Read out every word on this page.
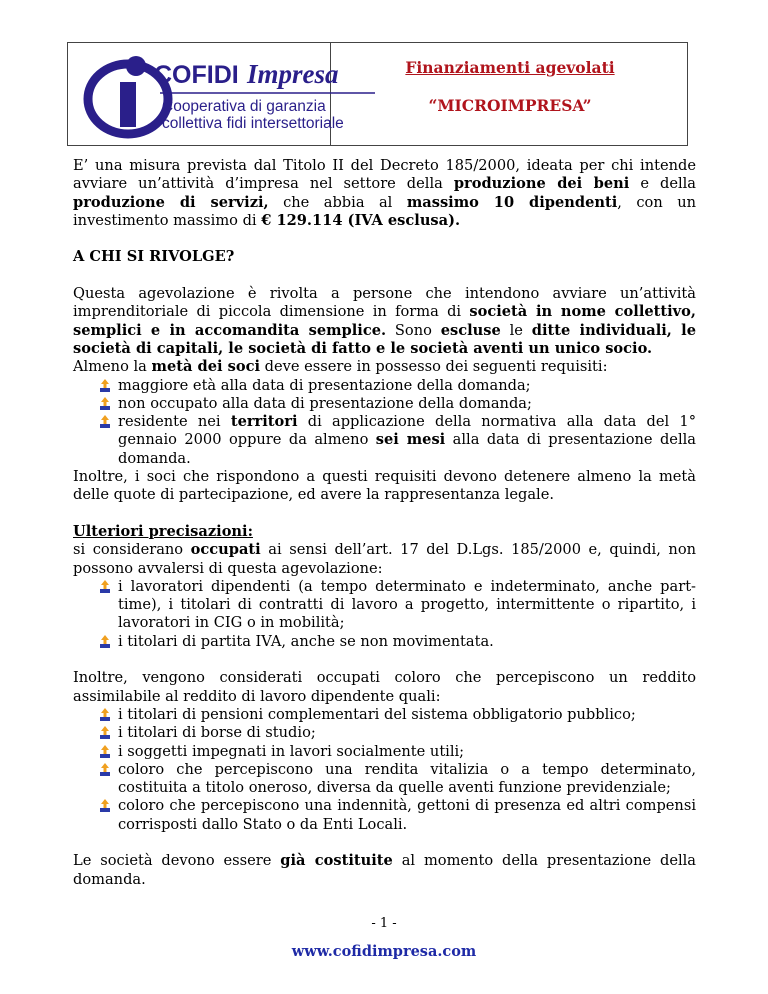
COFIDI Impresa
Cooperativa di garanzia
collettiva fidi intersettoriale
Finanziamenti agevolati
“MICROIMPRESA”

E’ una misura prevista dal Titolo II del Decreto 185/2000, ideata per chi intende avviare un’attività d’impresa nel settore della produzione dei beni e della produzione di servizi, che abbia al massimo 10 dipendenti, con un investimento massimo di € 129.114 (IVA esclusa).

A CHI SI RIVOLGE?

Questa agevolazione è rivolta a persone che intendono avviare un’attività imprenditoriale di piccola dimensione in forma di società in nome collettivo, semplici e in accomandita semplice. Sono escluse le ditte individuali, le società di capitali, le società di fatto e le società aventi un unico socio.

Almeno la metà dei soci deve essere in possesso dei seguenti requisiti:

maggiore età alla data di presentazione della domanda;
non occupato alla data di presentazione della domanda;
residente nei territori di applicazione della normativa alla data del 1° gennaio 2000 oppure da almeno sei mesi alla data di presentazione della domanda.

Inoltre, i soci che rispondono a questi requisiti devono detenere almeno la metà delle quote di partecipazione, ed avere la rappresentanza legale.

Ulteriori precisazioni:

si considerano occupati ai sensi dell’art. 17 del D.Lgs. 185/2000 e, quindi, non possono avvalersi di questa agevolazione:

i lavoratori dipendenti (a tempo determinato e indeterminato, anche part-time), i titolari di contratti di lavoro a progetto, intermittente o ripartito, i lavoratori in CIG o in mobilità;
i titolari di partita IVA, anche se non movimentata.

Inoltre, vengono considerati occupati coloro che percepiscono un reddito assimilabile al reddito di lavoro dipendente quali:

i titolari di pensioni complementari del sistema obbligatorio pubblico;
i titolari di borse di studio;
i soggetti impegnati in lavori socialmente utili;
coloro che percepiscono una rendita vitalizia o a tempo determinato, costituita a titolo oneroso, diversa da quelle aventi funzione previdenziale;
coloro che percepiscono una indennità, gettoni di presenza ed altri compensi corrisposti dallo Stato o da Enti Locali.

Le società devono essere già costituite al momento della presentazione della domanda.

- 1 -
www.cofidimpresa.com
